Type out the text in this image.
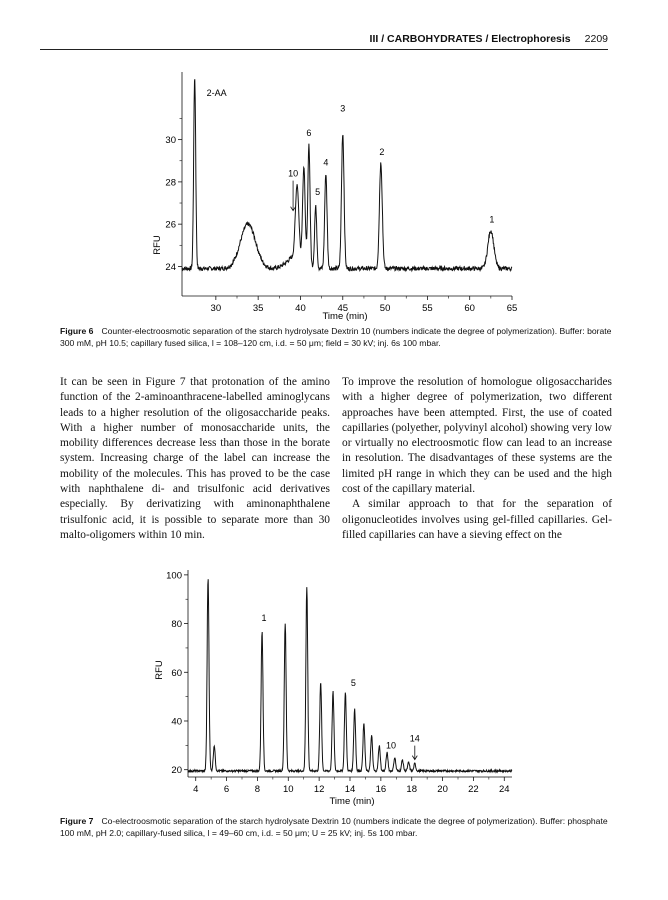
III / CARBOHYDRATES / Electrophoresis 2209
30	35	40	45	50	55	60	65
24
26
28
30
2-AA
10
6
5
4
3
2
1
Time (min)
RFU
Figure 6 Counter-electroosmotic separation of the starch hydrolysate Dextrin 10 (numbers indicate the degree of polymerization). Buffer: borate 300 mM, pH 10.5; capillary fused silica, l = 108–120 cm, i.d. = 50 μm; field = 30 kV; inj. 6s 100 mbar.

It can be seen in Figure 7 that protonation of the amino function of the 2-aminoanthracene-labelled aminoglycans leads to a higher resolution of the oligosaccharide peaks. With a higher number of monosaccharide units, the mobility differences decrease less than those in the borate system. Increasing charge of the label can increase the mobility of the molecules. This has proved to be the case with naphthalene di- and trisulfonic acid derivatives especially. By derivatizing with aminonaphthalene trisulfonic acid, it is possible to separate more than 30 malto-oligomers within 10 min.

To improve the resolution of homologue oligosaccharides with a higher degree of polymerization, two different approaches have been attempted. First, the use of coated capillaries (polyether, polyvinyl alcohol) showing very low or virtually no electroosmotic flow can lead to an increase in resolution. The disadvantages of these systems are the limited pH range in which they can be used and the high cost of the capillary material.

A similar approach to that for the separation of oligonucleotides involves using gel-filled capillaries. Gel-filled capillaries can have a sieving effect on the

4	6	8 10 12 14 16 18 20 22 24
20
40
60
80
100
1
5
10
14
Time (min)
RFU
Figure 7 Co-electroosmotic separation of the starch hydrolysate Dextrin 10 (numbers indicate the degree of polymerization). Buffer: phosphate 100 mM, pH 2.0; capillary-fused silica, l = 49–60 cm, i.d. = 50 μm; U = 25 kV; inj. 5s 100 mbar.
